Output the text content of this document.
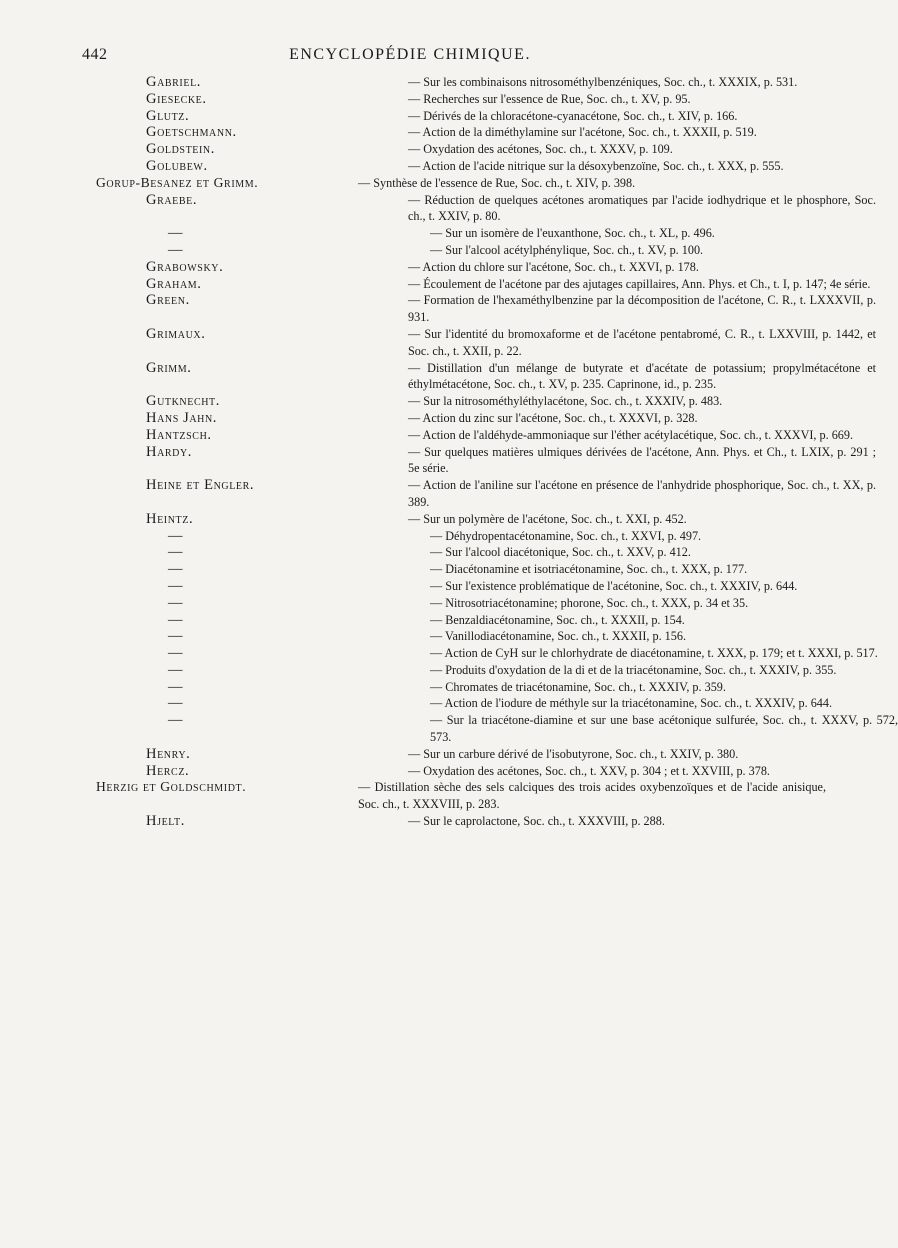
442	ENCYCLOPÉDIE CHIMIQUE.
Gabriel.	— Sur les combinaisons nitrosométhylbenzéniques, Soc. ch., t. XXXIX, p. 531.
Giesecke.	— Recherches sur l'essence de Rue, Soc. ch., t. XV, p. 95.
Glutz.	— Dérivés de la chloracétone-cyanacétone, Soc. ch., t. XIV, p. 166.
Goetschmann.	— Action de la diméthylamine sur l'acétone, Soc. ch., t. XXXII, p. 519.
Goldstein.	— Oxydation des acétones, Soc. ch., t. XXXV, p. 109.
Golubew.	— Action de l'acide nitrique sur la désoxybenzoïne, Soc. ch., t. XXX, p. 555.
Gorup-Besanez et Grimm.	— Synthèse de l'essence de Rue, Soc. ch., t. XIV, p. 398.
Graebe.	— Réduction de quelques acétones aromatiques par l'acide iodhydrique et le phosphore, Soc. ch., t. XXIV, p. 80.
—	— Sur un isomère de l'euxanthone, Soc. ch., t. XL, p. 496.
—	— Sur l'alcool acétylphénylique, Soc. ch., t. XV, p. 100.
Grabowsky.	— Action du chlore sur l'acétone, Soc. ch., t. XXVI, p. 178.
Graham.	— Écoulement de l'acétone par des ajutages capillaires, Ann. Phys. et Ch., t. I, p. 147; 4e série.
Green.	— Formation de l'hexaméthylbenzine par la décomposition de l'acétone, C. R., t. LXXXVII, p. 931.
Grimaux.	— Sur l'identité du bromoxaforme et de l'acétone pentabromé, C. R., t. LXXVIII, p. 1442, et Soc. ch., t. XXII, p. 22.
Grimm.	— Distillation d'un mélange de butyrate et d'acétate de potassium; propylmétacétone et éthylmétacétone, Soc. ch., t. XV, p. 235. Caprinone, id., p. 235.
Gutknecht.	— Sur la nitrosométhyléthylacétone, Soc. ch., t. XXXIV, p. 483.
Hans Jahn.	— Action du zinc sur l'acétone, Soc. ch., t. XXXVI, p. 328.
Hantzsch.	— Action de l'aldéhyde-ammoniaque sur l'éther acétylacétique, Soc. ch., t. XXXVI, p. 669.
Hardy.	— Sur quelques matières ulmiques dérivées de l'acétone, Ann. Phys. et Ch., t. LXIX, p. 291 ; 5e série.
Heine et Engler.	— Action de l'aniline sur l'acétone en présence de l'anhydride phosphorique, Soc. ch., t. XX, p. 389.
Heintz.	— Sur un polymère de l'acétone, Soc. ch., t. XXI, p. 452.
—	— Déhydropentacétonamine, Soc. ch., t. XXVI, p. 497.
—	— Sur l'alcool diacétonique, Soc. ch., t. XXV, p. 412.
—	— Diacétonamine et isotriacétonamine, Soc. ch., t. XXX, p. 177.
—	— Sur l'existence problématique de l'acétonine, Soc. ch., t. XXXIV, p. 644.
—	— Nitrosotriacétonamine; phorone, Soc. ch., t. XXX, p. 34 et 35.
—	— Benzaldiacétonamine, Soc. ch., t. XXXII, p. 154.
—	— Vanillodiacétonamine, Soc. ch., t. XXXII, p. 156.
—	— Action de CyH sur le chlorhydrate de diacétonamine, t. XXX, p. 179; et t. XXXI, p. 517.
—	— Produits d'oxydation de la di et de la triacétonamine, Soc. ch., t. XXXIV, p. 355.
—	— Chromates de triacétonamine, Soc. ch., t. XXXIV, p. 359.
—	— Action de l'iodure de méthyle sur la triacétonamine, Soc. ch., t. XXXIV, p. 644.
—	— Sur la triacétone-diamine et sur une base acétonique sulfurée, Soc. ch., t. XXXV, p. 572, 573.
Henry.	— Sur un carbure dérivé de l'isobutyrone, Soc. ch., t. XXIV, p. 380.
Hercz.	— Oxydation des acétones, Soc. ch., t. XXV, p. 304 ; et t. XXVIII, p. 378.
Herzig et Goldschmidt.	— Distillation sèche des sels calciques des trois acides oxybenzoïques et de l'acide anisique, Soc. ch., t. XXXVIII, p. 283.
Hjelt.	— Sur le caprolactone, Soc. ch., t. XXXVIII, p. 288.
